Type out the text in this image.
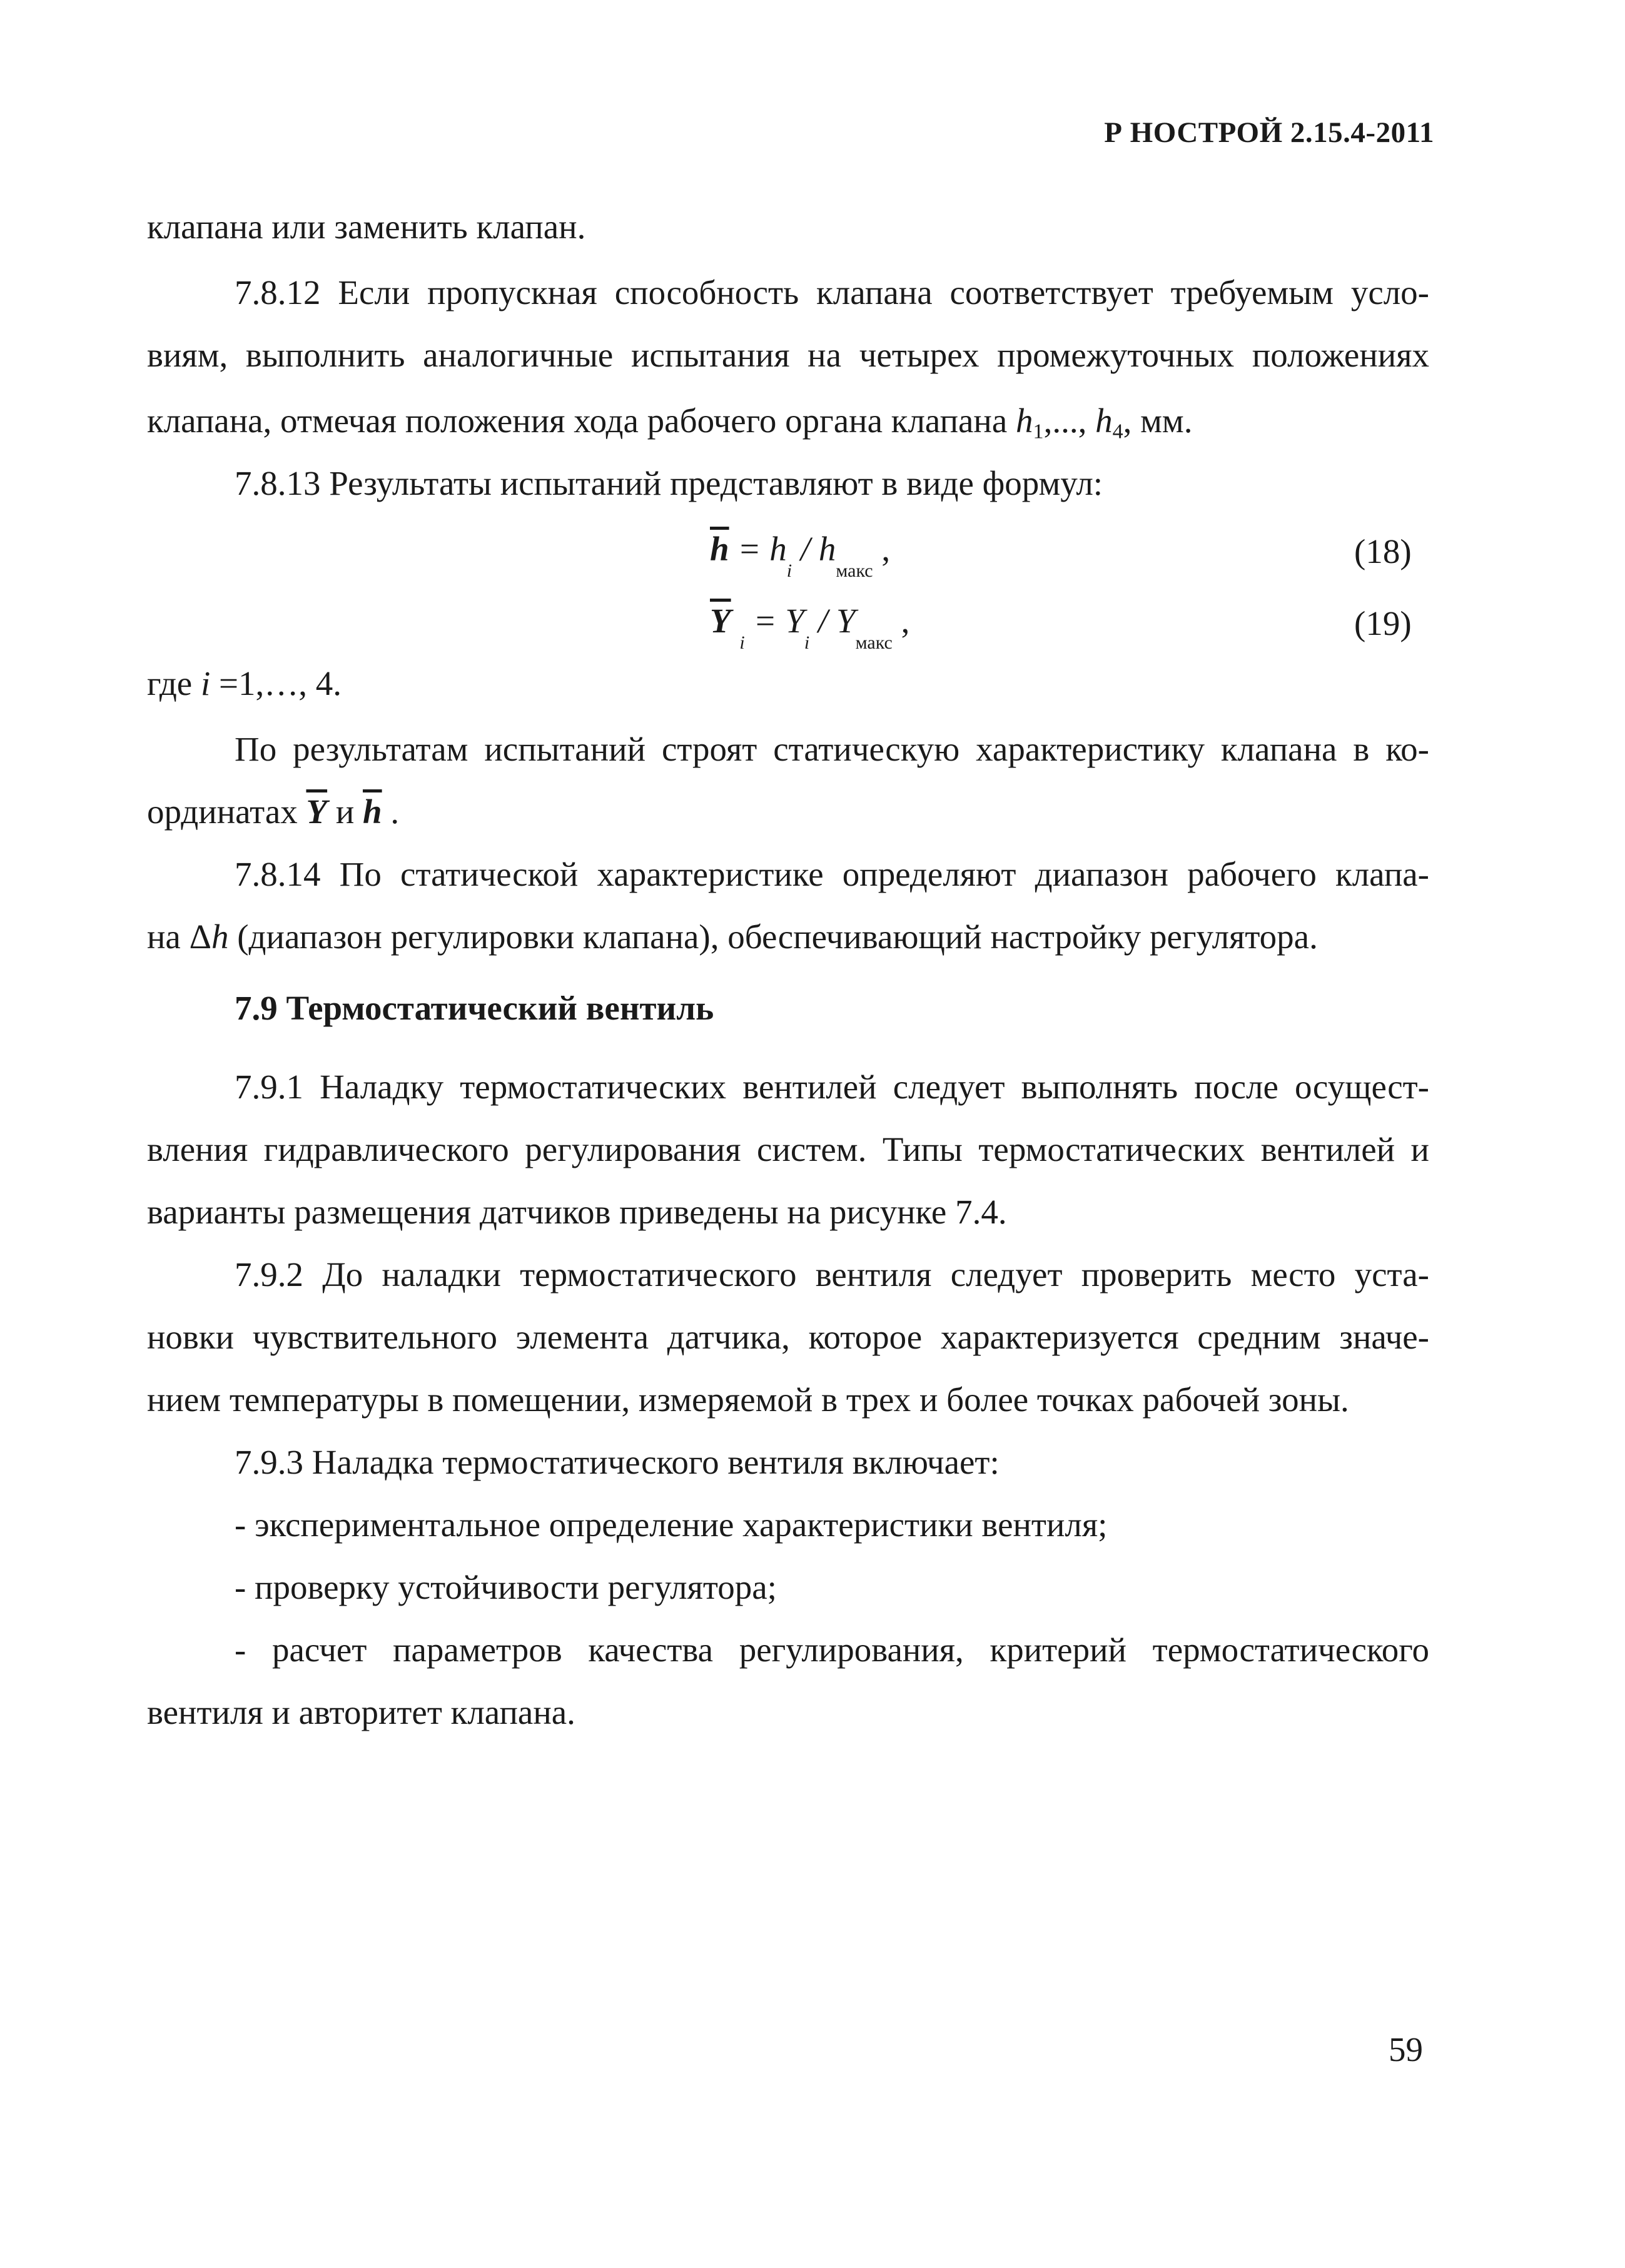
Р НОСТРОЙ 2.15.4-2011
клапана или заменить клапан.
7.8.12 Если пропускная способность клапана соответствует требуемым усло-
виям, выполнить аналогичные испытания на четырех промежуточных положениях
клапана, отмечая положения хода рабочего органа клапана $h_1$,..., $h_4$, мм.
7.8.13 Результаты испытаний представляют в виде формул:
$\overline{h} = h_i / h_{макс}$ ,	(18)
$\overline{Y}$ $_i = Y_i / Y_{макс}$ ,	(19)
где i =1,…, 4.
По результатам испытаний строят статическую характеристику клапана в ко-
ординатах $\overline{Y}$ и $\overline{h}$ .
7.8.14 По статической характеристике определяют диапазон рабочего клапа-
на Δh (диапазон регулировки клапана), обеспечивающий настройку регулятора.
7.9 Термостатический вентиль
7.9.1 Наладку термостатических вентилей следует выполнять после осущест-
вления гидравлического регулирования систем. Типы термостатических вентилей и
варианты размещения датчиков приведены на рисунке 7.4.
7.9.2 До наладки термостатического вентиля следует проверить место уста-
новки чувствительного элемента датчика, которое характеризуется средним значе-
нием температуры в помещении, измеряемой в трех и более точках рабочей зоны.
7.9.3 Наладка термостатического вентиля включает:
- экспериментальное определение характеристики вентиля;
- проверку устойчивости регулятора;
- расчет параметров качества регулирования, критерий термостатического
вентиля и авторитет клапана.
59
